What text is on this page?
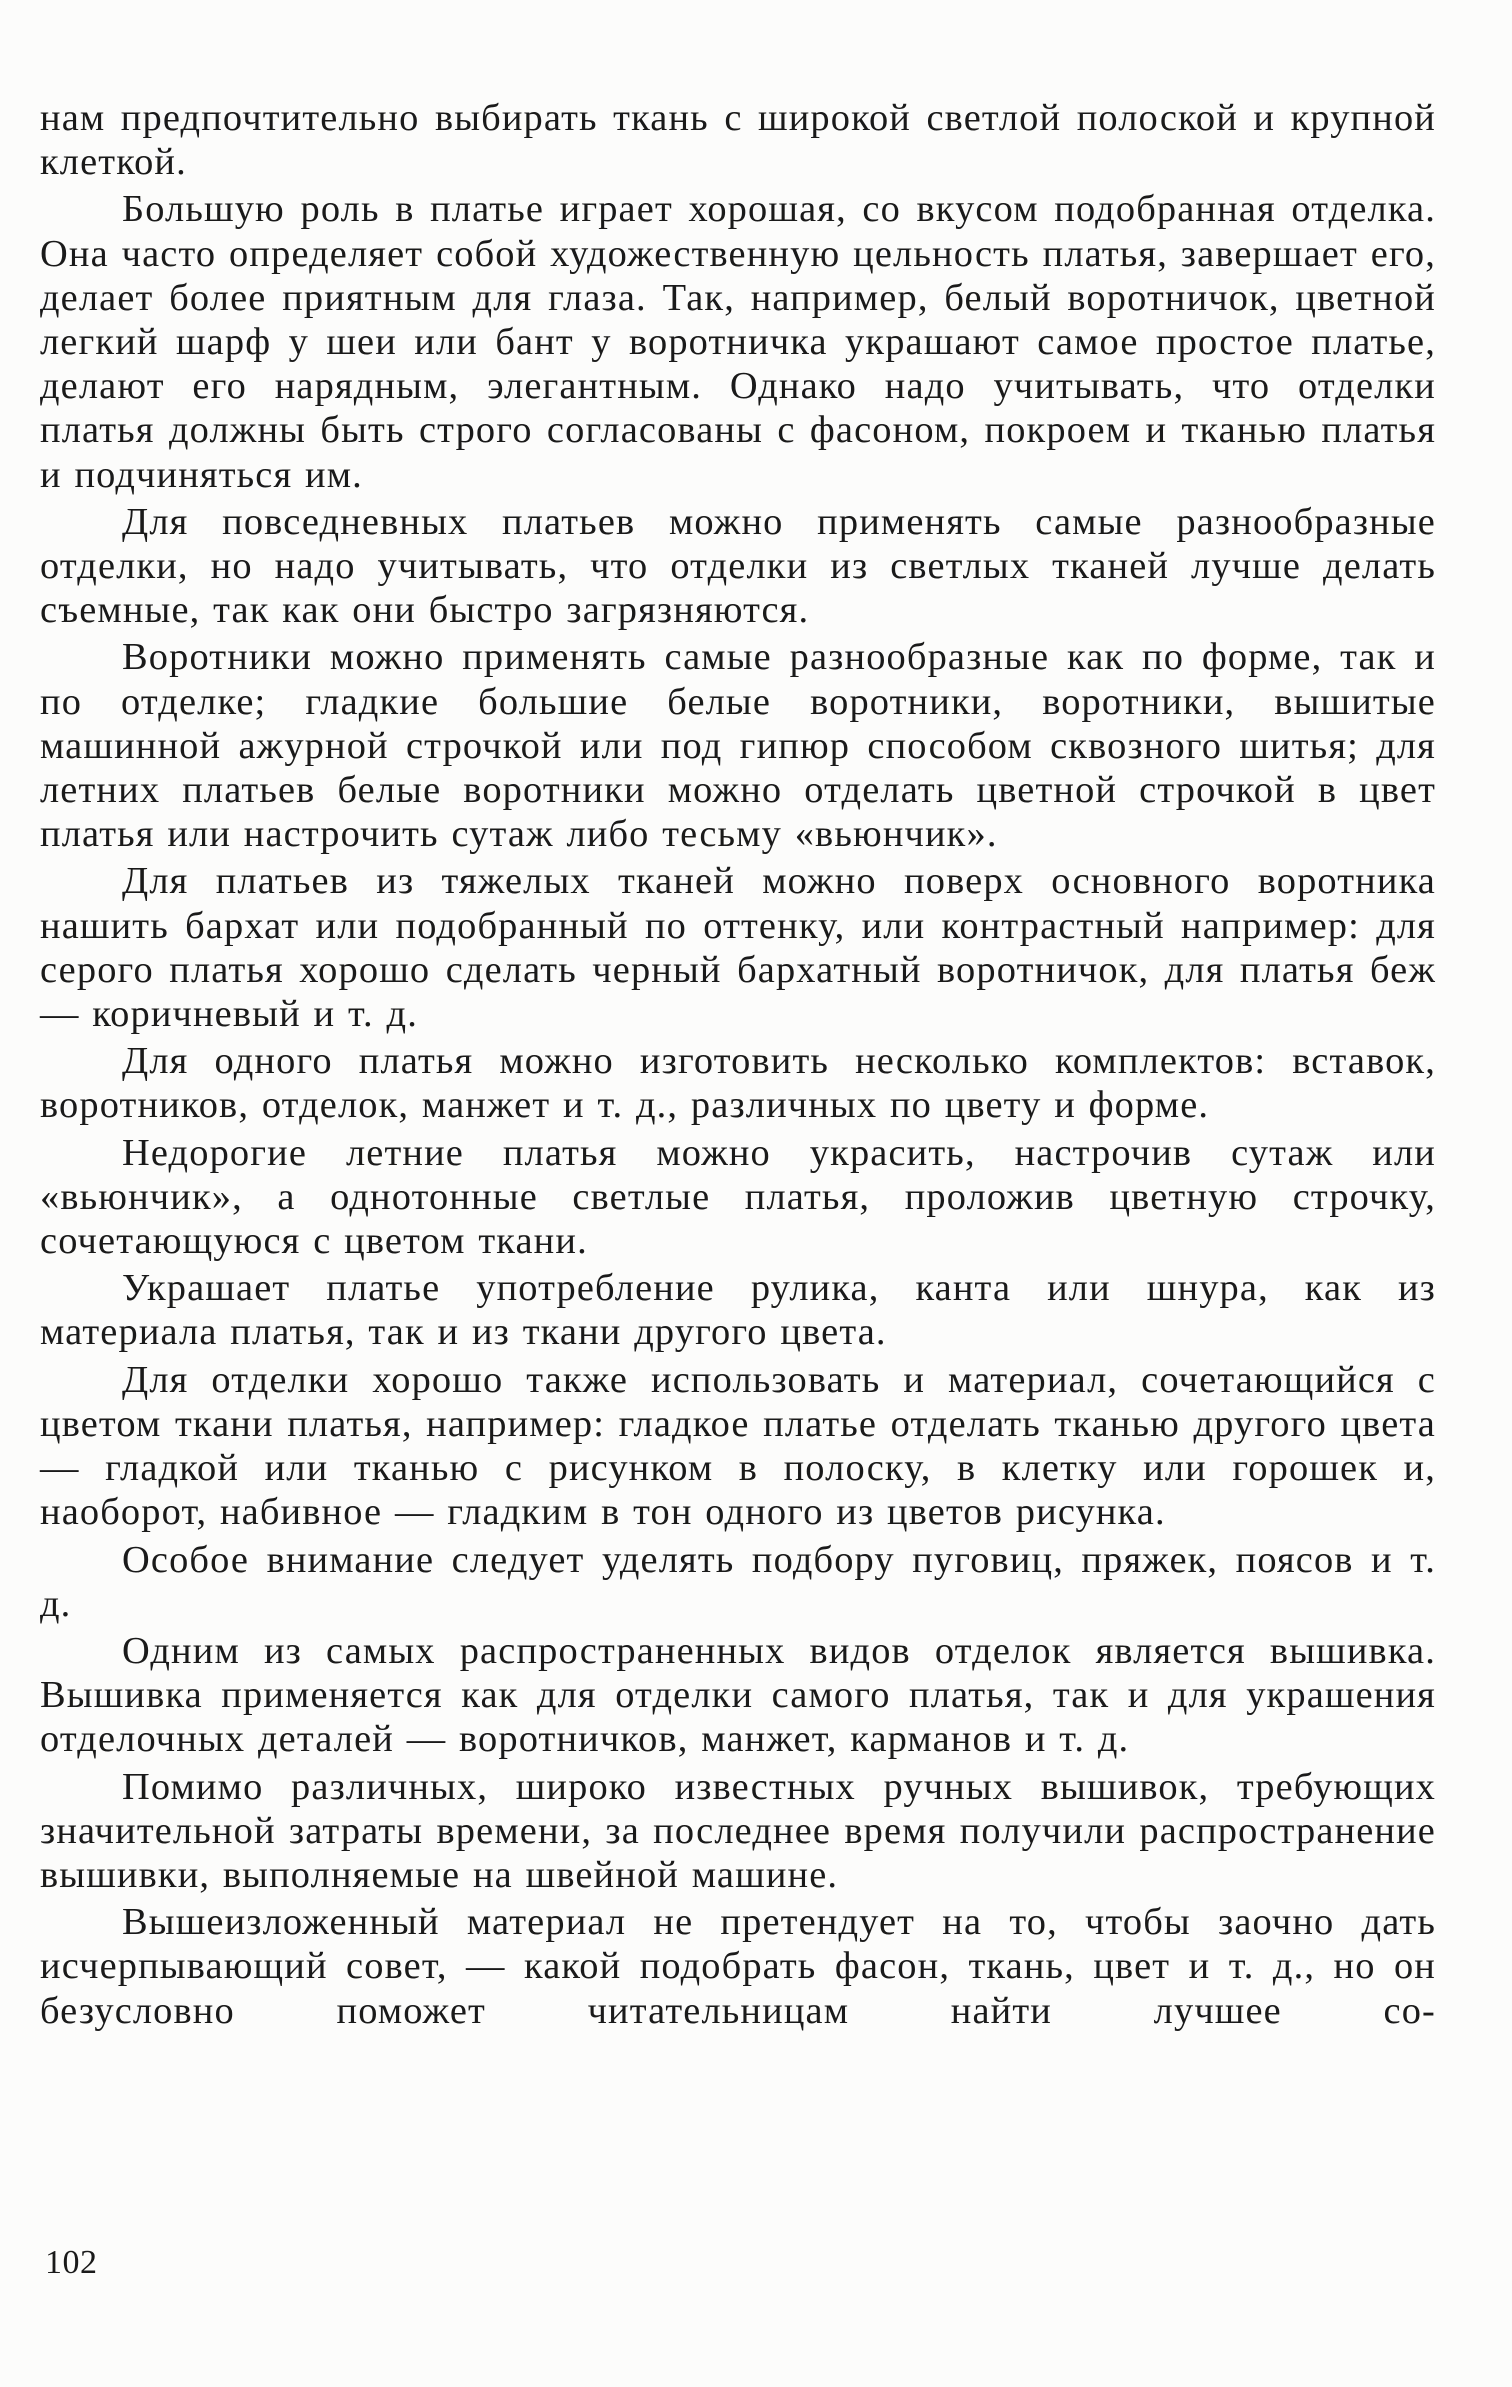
нам предпочтительно выбирать ткань с широкой светлой полоской и крупной клеткой.

Большую роль в платье играет хорошая, со вкусом подобранная отделка. Она часто определяет собой художественную цельность платья, завершает его, делает более приятным для глаза. Так, например, белый воротничок, цветной легкий шарф у шеи или бант у воротничка украшают самое простое платье, делают его нарядным, элегантным. Однако надо учитывать, что отделки платья должны быть строго согласованы с фасоном, покроем и тканью платья и подчиняться им.

Для повседневных платьев можно применять самые разнообразные отделки, но надо учитывать, что отделки из светлых тканей лучше делать съемные, так как они быстро загрязняются.

Воротники можно применять самые разнообразные как по форме, так и по отделке; гладкие большие белые воротники, воротники, вышитые машинной ажурной строчкой или под гипюр способом сквозного шитья; для летних платьев белые воротники можно отделать цветной строчкой в цвет платья или настрочить сутаж либо тесьму «вьюнчик».

Для платьев из тяжелых тканей можно поверх основного воротника нашить бархат или подобранный по оттенку, или контрастный например: для серого платья хорошо сделать черный бархатный воротничок, для платья беж — коричневый и т. д.

Для одного платья можно изготовить несколько комплектов: вставок, воротников, отделок, манжет и т. д., различных по цвету и форме.

Недорогие летние платья можно украсить, настрочив сутаж или «вьюнчик», а однотонные светлые платья, проложив цветную строчку, сочетающуюся с цветом ткани.

Украшает платье употребление рулика, канта или шнура, как из материала платья, так и из ткани другого цвета.

Для отделки хорошо также использовать и материал, сочетающийся с цветом ткани платья, например: гладкое платье отделать тканью другого цвета — гладкой или тканью с рисунком в полоску, в клетку или горошек и, наоборот, набивное — гладким в тон одного из цветов рисунка.

Особое внимание следует уделять подбору пуговиц, пряжек, поясов и т. д.

Одним из самых распространенных видов отделок является вышивка. Вышивка применяется как для отделки самого платья, так и для украшения отделочных деталей — воротничков, манжет, карманов и т. д.

Помимо различных, широко известных ручных вышивок, требующих значительной затраты времени, за последнее время получили распространение вышивки, выполняемые на швейной машине.

Вышеизложенный материал не претендует на то, чтобы заочно дать исчерпывающий совет, — какой подобрать фасон, ткань, цвет и т. д., но он безусловно поможет читательницам найти лучшее со-

102
